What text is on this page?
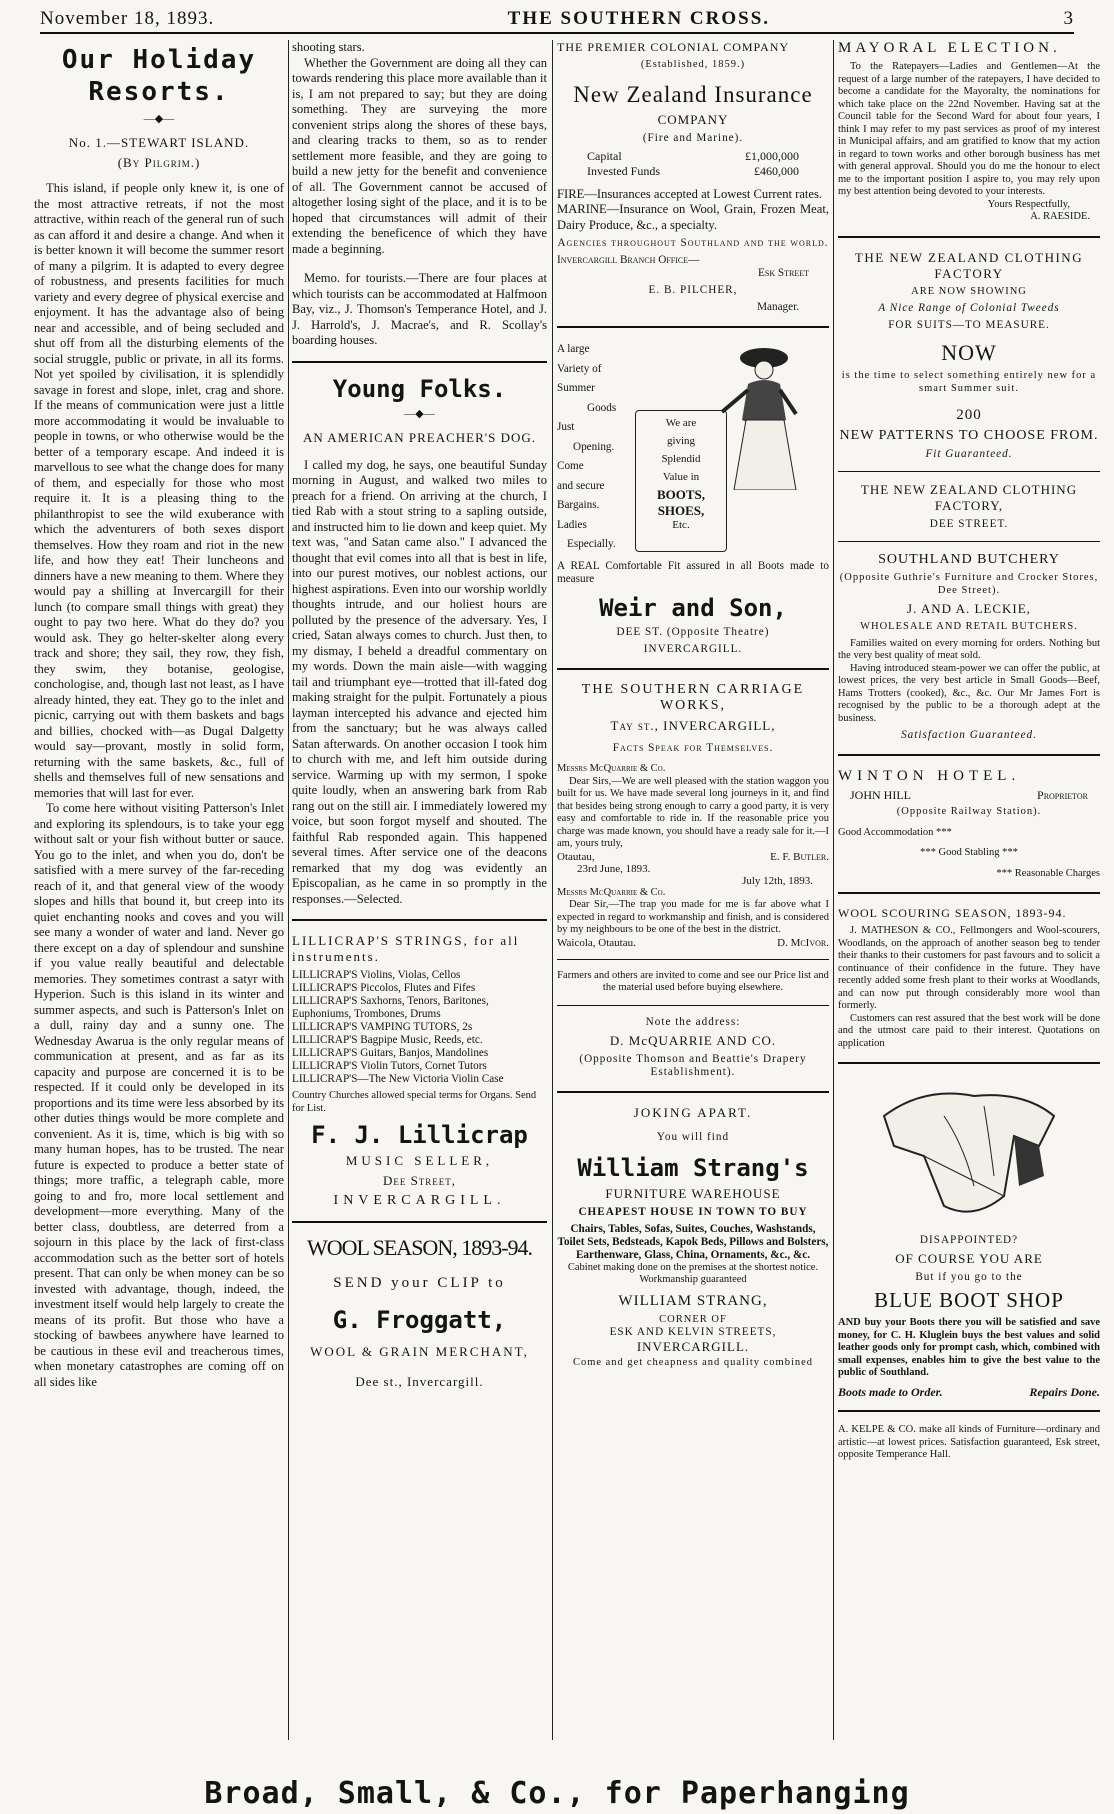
November 18, 1893.	THE SOUTHERN CROSS.	3
Our Holiday
Resorts.
—◆—
No. 1.—STEWART ISLAND.
(By Pilgrim.)

This island, if people only knew it, is one of the most attractive retreats, if not the most attractive, within reach of the general run of such as can afford it and desire a change. And when it is better known it will become the summer resort of many a pilgrim. It is adapted to every degree of robustness, and presents facilities for much variety and every degree of physical exercise and enjoyment. It has the advantage also of being near and accessible, and of being secluded and shut off from all the disturbing elements of the social struggle, public or private, in all its forms. Not yet spoiled by civilisation, it is splendidly savage in forest and slope, inlet, crag and shore. If the means of communication were just a little more accommodating it would be invaluable to people in towns, or who otherwise would be the better of a temporary escape. And indeed it is marvellous to see what the change does for many of them, and especially for those who most require it. It is a pleasing thing to the philanthropist to see the wild exuberance with which the adventurers of both sexes disport themselves. How they roam and riot in the new life, and how they eat! Their luncheons and dinners have a new meaning to them. Where they would pay a shilling at Invercargill for their lunch (to compare small things with great) they ought to pay two here. What do they do? you would ask. They go helter-skelter along every track and shore; they sail, they row, they fish, they swim, they botanise, geologise, conchologise, and, though last not least, as I have already hinted, they eat. They go to the inlet and picnic, carrying out with them baskets and bags and billies, chocked with—as Dugal Dalgetty would say—provant, mostly in solid form, returning with the same baskets, &c., full of shells and themselves full of new sensations and memories that will last for ever.

To come here without visiting Patterson's Inlet and exploring its splendours, is to take your egg without salt or your fish without butter or sauce. You go to the inlet, and when you do, don't be satisfied with a mere survey of the far-receding reach of it, and that general view of the woody slopes and hills that bound it, but creep into its quiet enchanting nooks and coves and you will see many a wonder of water and land. Never go there except on a day of splendour and sunshine if you value really beautiful and delectable memories. They sometimes contrast a satyr with Hyperion. Such is this island in its winter and summer aspects, and such is Patterson's Inlet on a dull, rainy day and a sunny one. The Wednesday Awarua is the only regular means of communication at present, and as far as its capacity and purpose are concerned it is to be respected. If it could only be developed in its proportions and its time were less absorbed by its other duties things would be more complete and convenient. As it is, time, which is big with so many human hopes, has to be trusted. The near future is expected to produce a better state of things; more traffic, a telegraph cable, more going to and fro, more local settlement and development—more everything. Many of the better class, doubtless, are deterred from a sojourn in this place by the lack of first-class accommodation such as the better sort of hotels present. That can only be when money can be so invested with advantage, though, indeed, the investment itself would help largely to create the means of its profit. But those who have a stocking of bawbees anywhere have learned to be cautious in these evil and treacherous times, when monetary catastrophes are coming off on all sides like

shooting stars.

Whether the Government are doing all they can towards rendering this place more available than it is, I am not prepared to say; but they are doing something. They are surveying the more convenient strips along the shores of these bays, and clearing tracks to them, so as to render settlement more feasible, and they are going to build a new jetty for the benefit and convenience of all. The Government cannot be accused of altogether losing sight of the place, and it is to be hoped that circumstances will admit of their extending the beneficence of which they have made a beginning.

Memo. for tourists.—There are four places at which tourists can be accommodated at Halfmoon Bay, viz., J. Thomson's Temperance Hotel, and J. J. Harrold's, J. Macrae's, and R. Scollay's boarding houses.

Young Folks.
—◆—
AN AMERICAN PREACHER'S DOG.

I called my dog, he says, one beautiful Sunday morning in August, and walked two miles to preach for a friend. On arriving at the church, I tied Rab with a stout string to a sapling outside, and instructed him to lie down and keep quiet. My text was, "and Satan came also." I advanced the thought that evil comes into all that is best in life, into our purest motives, our noblest actions, our highest aspirations. Even into our worship worldly thoughts intrude, and our holiest hours are polluted by the presence of the adversary. Yes, I cried, Satan always comes to church. Just then, to my dismay, I beheld a dreadful commentary on my words. Down the main aisle—with wagging tail and triumphant eye—trotted that ill-fated dog making straight for the pulpit. Fortunately a pious layman intercepted his advance and ejected him from the sanctuary; but he was always called Satan afterwards. On another occasion I took him to church with me, and left him outside during service. Warming up with my sermon, I spoke quite loudly, when an answering bark from Rab rang out on the still air. I immediately lowered my voice, but soon forgot myself and shouted. The faithful Rab responded again. This happened several times. After service one of the deacons remarked that my dog was evidently an Episcopalian, as he came in so promptly in the responses.—Selected.

LILLICRAP'S STRINGS, for all instruments.
LILLICRAP'S Violins, Violas, Cellos
LILLICRAP'S Piccolos, Flutes and Fifes
LILLICRAP'S Saxhorns, Tenors, Baritones, Euphoniums, Trombones, Drums
LILLICRAP'S VAMPING TUTORS, 2s
LILLICRAP'S Bagpipe Music, Reeds, etc.
LILLICRAP'S Guitars, Banjos, Mandolines
LILLICRAP'S Violin Tutors, Cornet Tutors
LILLICRAP'S—The New Victoria Violin Case
Country Churches allowed special terms for Organs. Send for List.
F. J. Lillicrap
MUSIC SELLER,
Dee Street,
INVERCARGILL.
WOOL SEASON, 1893-94.
SEND your CLIP to
G. Froggatt,
WOOL & GRAIN MERCHANT,
Dee st., Invercargill.
THE PREMIER COLONIAL COMPANY
(Established, 1859.)
New Zealand Insurance
COMPANY
(Fire and Marine).
Capital	£1,000,000
Invested Funds	£460,000

FIRE—Insurances accepted at Lowest Current rates.

MARINE—Insurance on Wool, Grain, Frozen Meat, Dairy Produce, &c., a specialty.

Agencies throughout Southland and the world.
Invercargill Branch Office—
Esk Street
E. B. PILCHER,
Manager.
A large
Variety of
Summer
Goods
Just
Opening.
Come
and secure
Bargains.
Ladies
Especially.
We are
giving
Splendid
Value in
BOOTS,
SHOES,
Etc.

A REAL Comfortable Fit assured in all Boots made to measure

Weir and Son,
DEE ST. (Opposite Theatre)
INVERCARGILL.
THE SOUTHERN CARRIAGE WORKS,
Tay st., INVERCARGILL,
Facts Speak for Themselves.
Messrs McQuarrie & Co.

Dear Sirs,—We are well pleased with the station waggon you built for us. We have made several long journeys in it, and find that besides being strong enough to carry a good party, it is very easy and comfortable to ride in. If the reasonable price you charge was made known, you should have a ready sale for it.—I am, yours truly,

Otautau,	E. F. Butler.
23rd June, 1893.
July 12th, 1893.
Messrs McQuarrie & Co.

Dear Sir,—The trap you made for me is far above what I expected in regard to workmanship and finish, and is considered by my neighbours to be one of the best in the district.

Waicola, Otautau.	D. McIvor.

Farmers and others are invited to come and see our Price list and the material used before buying elsewhere.

Note the address:
D. McQUARRIE AND CO.
(Opposite Thomson and Beattie's Drapery Establishment).
JOKING APART.
You will find
William Strang's
FURNITURE WAREHOUSE
CHEAPEST HOUSE IN TOWN TO BUY

Chairs, Tables, Sofas, Suites, Couches, Washstands, Toilet Sets, Bedsteads, Kapok Beds, Pillows and Bolsters, Earthenware, Glass, China, Ornaments, &c., &c.

Cabinet making done on the premises at the shortest notice. Workmanship guaranteed

WILLIAM STRANG,
CORNER OF
ESK AND KELVIN STREETS,
INVERCARGILL.
Come and get cheapness and quality combined
MAYORAL ELECTION.

To the Ratepayers—Ladies and Gentlemen—At the request of a large number of the ratepayers, I have decided to become a candidate for the Mayoralty, the nominations for which take place on the 22nd November. Having sat at the Council table for the Second Ward for about four years, I think I may refer to my past services as proof of my interest in Municipal affairs, and am gratified to know that my action in regard to town works and other borough business has met with general approval. Should you do me the honour to elect me to the important position I aspire to, you may rely upon my best attention being devoted to your interests.

Yours Respectfully,
A. RAESIDE.
THE NEW ZEALAND CLOTHING FACTORY
ARE NOW SHOWING
A Nice Range of Colonial Tweeds
FOR SUITS—TO MEASURE.
NOW
is the time to select something entirely new for a smart Summer suit.
200
NEW PATTERNS TO CHOOSE FROM.
Fit Guaranteed.
THE NEW ZEALAND CLOTHING FACTORY,
DEE STREET.
SOUTHLAND BUTCHERY
(Opposite Guthrie's Furniture and Crocker Stores, Dee Street).
J. AND A. LECKIE,
WHOLESALE AND RETAIL BUTCHERS.

Families waited on every morning for orders. Nothing but the very best quality of meat sold.

Having introduced steam-power we can offer the public, at lowest prices, the very best article in Small Goods—Beef, Hams Trotters (cooked), &c., &c. Our Mr James Fort is recognised by the public to be a thorough adept at the business.

Satisfaction Guaranteed.
WINTON HOTEL.
JOHN HILL	Proprietor
(Opposite Railway Station).
Good Accommodation ***
*** Good Stabling ***
*** Reasonable Charges
WOOL SCOURING SEASON, 1893-94.

J. MATHESON & CO., Fellmongers and Wool-scourers, Woodlands, on the approach of another season beg to tender their thanks to their customers for past favours and to solicit a continuance of their confidence in the future. They have recently added some fresh plant to their works at Woodlands, and can now put through considerably more wool than formerly.

Customers can rest assured that the best work will be done and the utmost care paid to their interest. Quotations on application

DISAPPOINTED?
OF COURSE YOU ARE
But if you go to the
BLUE BOOT SHOP

AND buy your Boots there you will be satisfied and save money, for C. H. Kluglein buys the best values and solid leather goods only for prompt cash, which, combined with small expenses, enables him to give the best value to the public of Southland.

Boots made to Order.	Repairs Done.

A. KELPE & CO. make all kinds of Furniture—ordinary and artistic—at lowest prices. Satisfaction guaranteed, Esk street, opposite Temperance Hall.

Broad, Small, & Co., for Paperhanging
